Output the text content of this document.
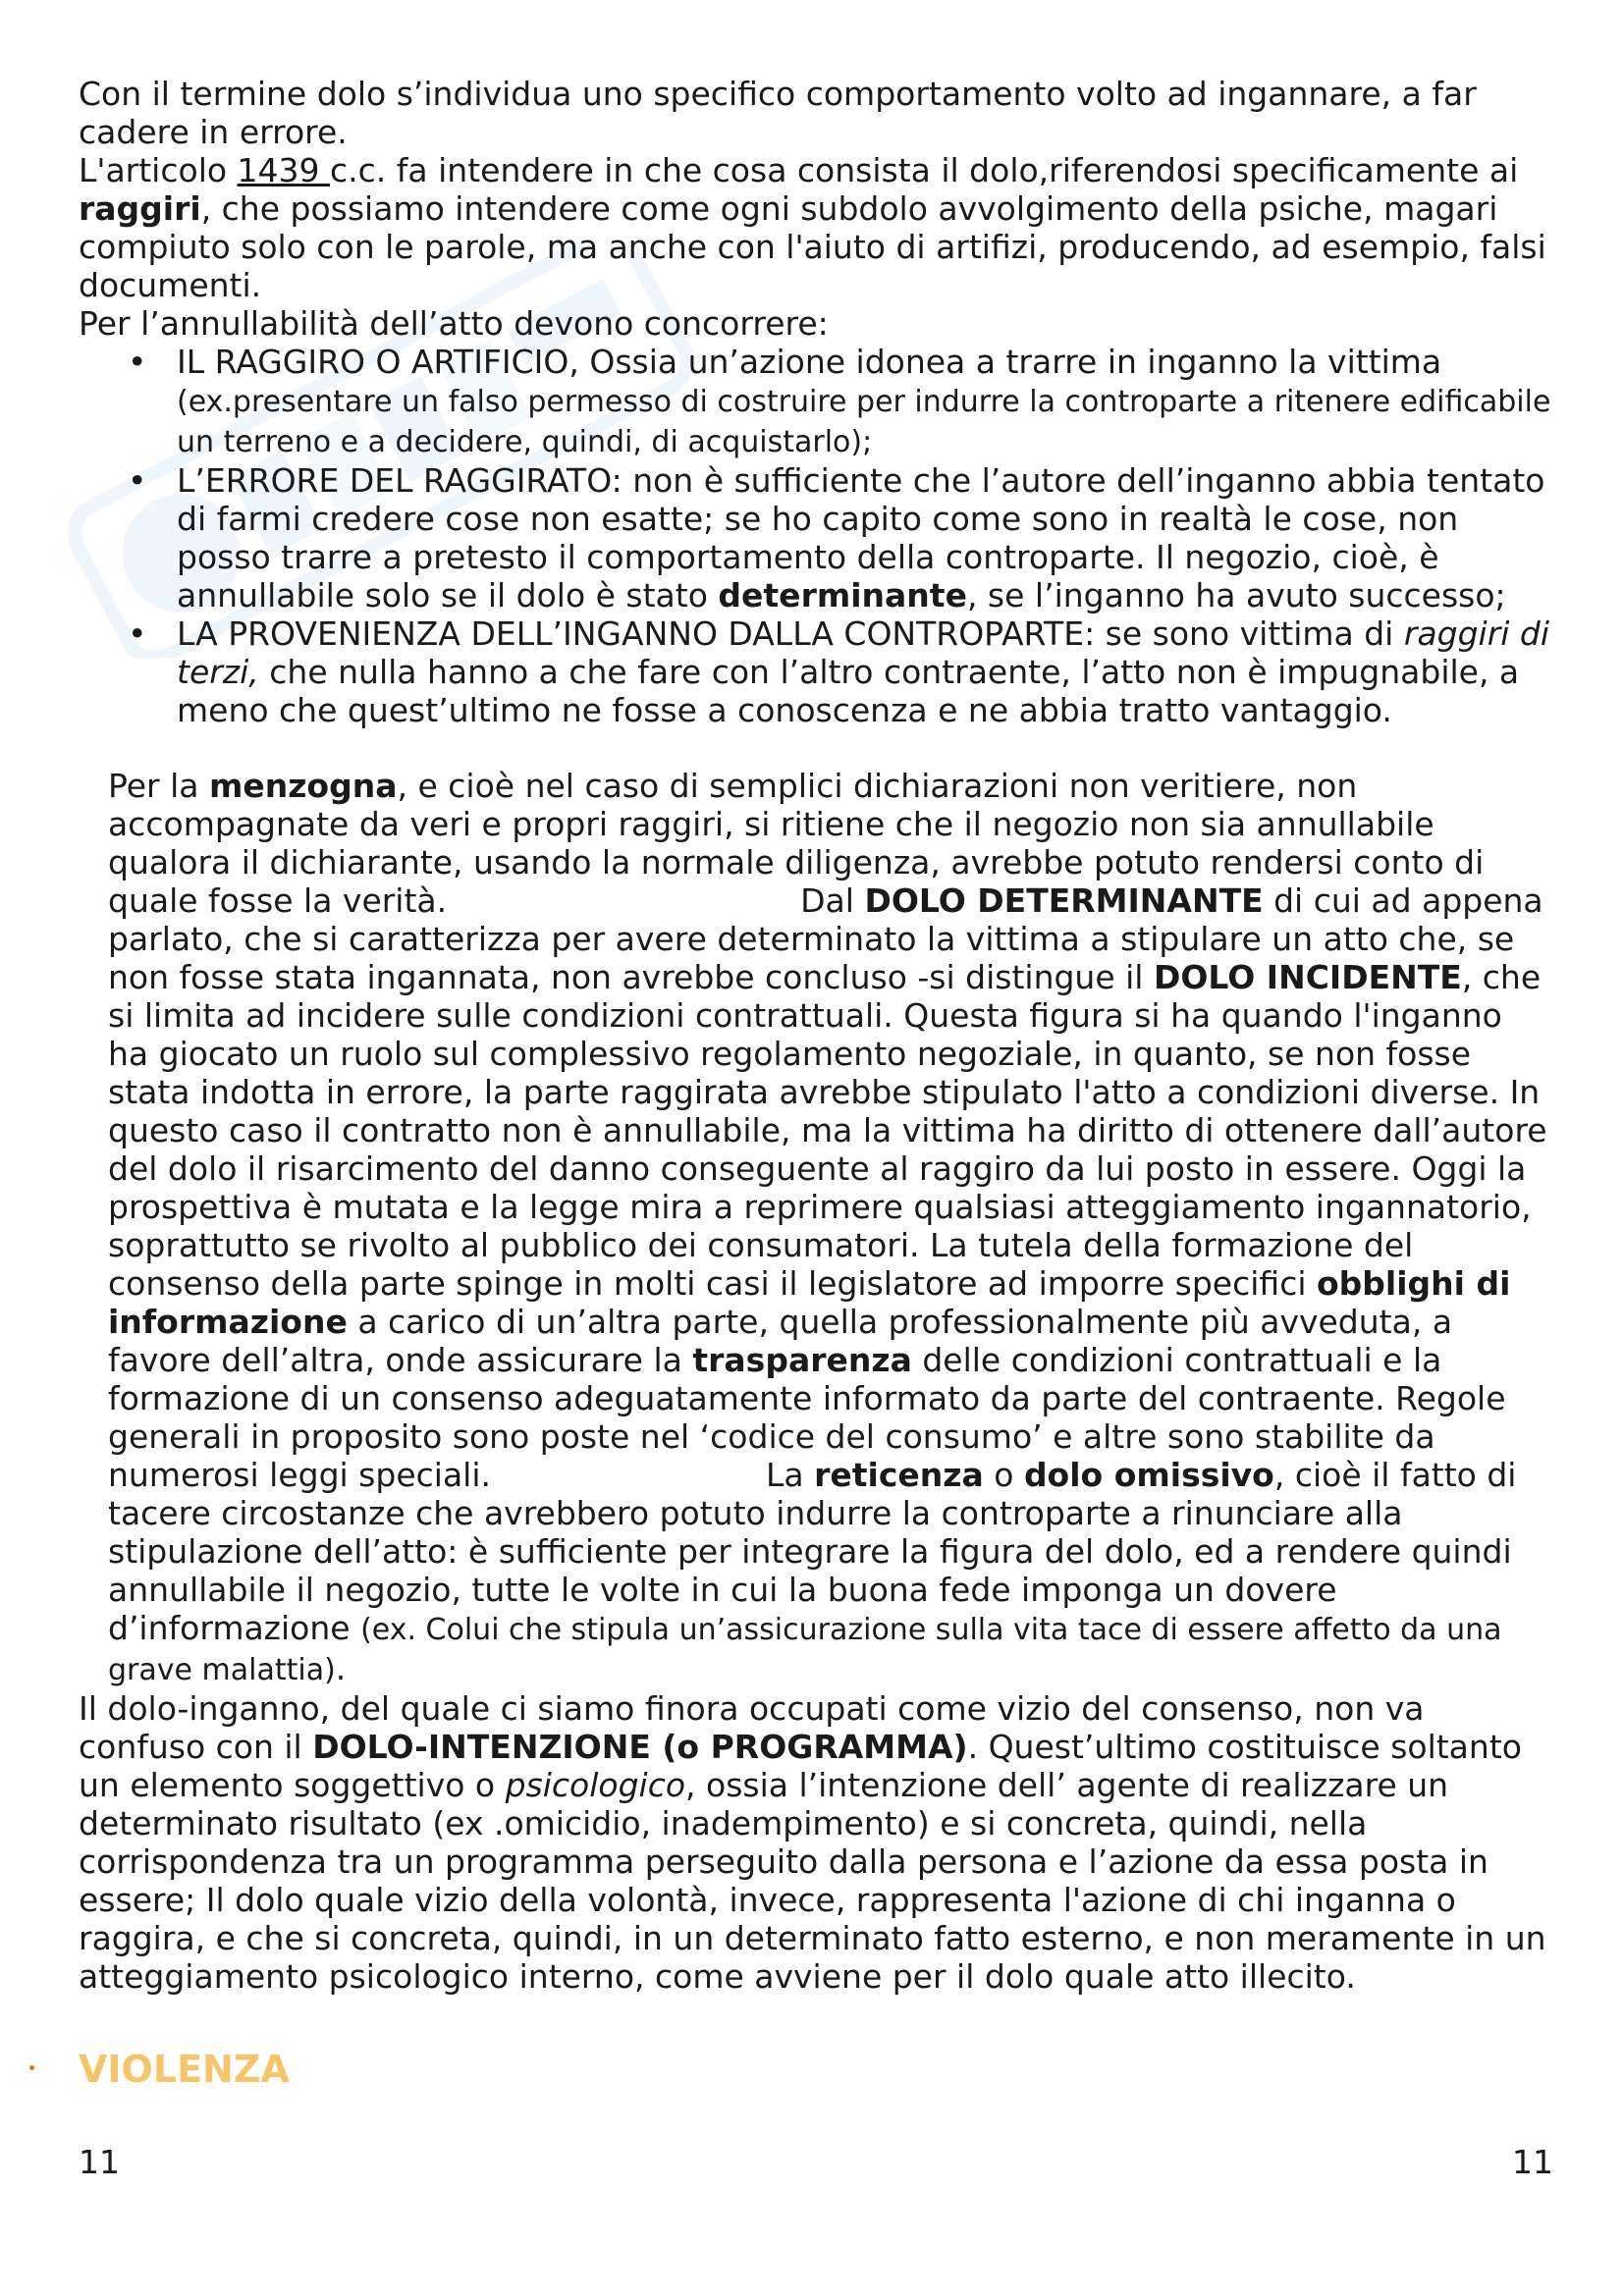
Con il termine dolo s’individua uno specifico comportamento volto ad ingannare, a far cadere in errore.

L'articolo 1439 c.c. fa intendere in che cosa consista il dolo,riferendosi specificamente ai raggiri, che possiamo intendere come ogni subdolo avvolgimento della psiche, magari compiuto solo con le parole, ma anche con l'aiuto di artifizi, producendo, ad esempio, falsi documenti.

Per l’annullabilità dell’atto devono concorrere:

• IL RAGGIRO O ARTIFICIO, Ossia un’azione idonea a trarre in inganno la vittima (ex.presentare un falso permesso di costruire per indurre la controparte a ritenere edificabile un terreno e a decidere, quindi, di acquistarlo);
• L’ERRORE DEL RAGGIRATO: non è sufficiente che l’autore dell’inganno abbia tentato di farmi credere cose non esatte; se ho capito come sono in realtà le cose, non posso trarre a pretesto il comportamento della controparte. Il negozio, cioè, è annullabile solo se il dolo è stato determinante, se l’inganno ha avuto successo;
• LA PROVENIENZA DELL’INGANNO DALLA CONTROPARTE: se sono vittima di raggiri di terzi, che nulla hanno a che fare con l’altro contraente, l’atto non è impugnabile, a meno che quest’ultimo ne fosse a conoscenza e ne abbia tratto vantaggio.

Per la menzogna, e cioè nel caso di semplici dichiarazioni non veritiere, non accompagnate da veri e propri raggiri, si ritiene che il negozio non sia annullabile qualora il dichiarante, usando la normale diligenza, avrebbe potuto rendersi conto di quale fosse la verità.	Dal DOLO DETERMINANTE di cui ad appena parlato, che si caratterizza per avere determinato la vittima a stipulare un atto che, se non fosse stata ingannata, non avrebbe concluso -si distingue il DOLO INCIDENTE, che si limita ad incidere sulle condizioni contrattuali. Questa figura si ha quando l'inganno ha giocato un ruolo sul complessivo regolamento negoziale, in quanto, se non fosse stata indotta in errore, la parte raggirata avrebbe stipulato l'atto a condizioni diverse. In questo caso il contratto non è annullabile, ma la vittima ha diritto di ottenere dall’autore del dolo il risarcimento del danno conseguente al raggiro da lui posto in essere. Oggi la prospettiva è mutata e la legge mira a reprimere qualsiasi atteggiamento ingannatorio, soprattutto se rivolto al pubblico dei consumatori. La tutela della formazione del consenso della parte spinge in molti casi il legislatore ad imporre specifici obblighi di informazione a carico di un’altra parte, quella professionalmente più avveduta, a favore dell’altra, onde assicurare la trasparenza delle condizioni contrattuali e la formazione di un consenso adeguatamente informato da parte del contraente. Regole generali in proposito sono poste nel ‘codice del consumo’ e altre sono stabilite da numerosi leggi speciali.	La reticenza o dolo omissivo, cioè il fatto di tacere circostanze che avrebbero potuto indurre la controparte a rinunciare alla stipulazione dell’atto: è sufficiente per integrare la figura del dolo, ed a rendere quindi annullabile il negozio, tutte le volte in cui la buona fede imponga un dovere d’informazione (ex. Colui che stipula un’assicurazione sulla vita tace di essere affetto da una grave malattia).

Il dolo-inganno, del quale ci siamo finora occupati come vizio del consenso, non va confuso con il DOLO-INTENZIONE (o PROGRAMMA). Quest’ultimo costituisce soltanto un elemento soggettivo o psicologico, ossia l’intenzione dell’ agente di realizzare un determinato risultato (ex .omicidio, inadempimento) e si concreta, quindi, nella corrispondenza tra un programma perseguito dalla persona e l’azione da essa posta in essere; Il dolo quale vizio della volontà, invece, rappresenta l'azione di chi inganna o raggira, e che si concreta, quindi, in un determinato fatto esterno, e non meramente in un atteggiamento psicologico interno, come avviene per il dolo quale atto illecito.

VIOLENZA
11	11
